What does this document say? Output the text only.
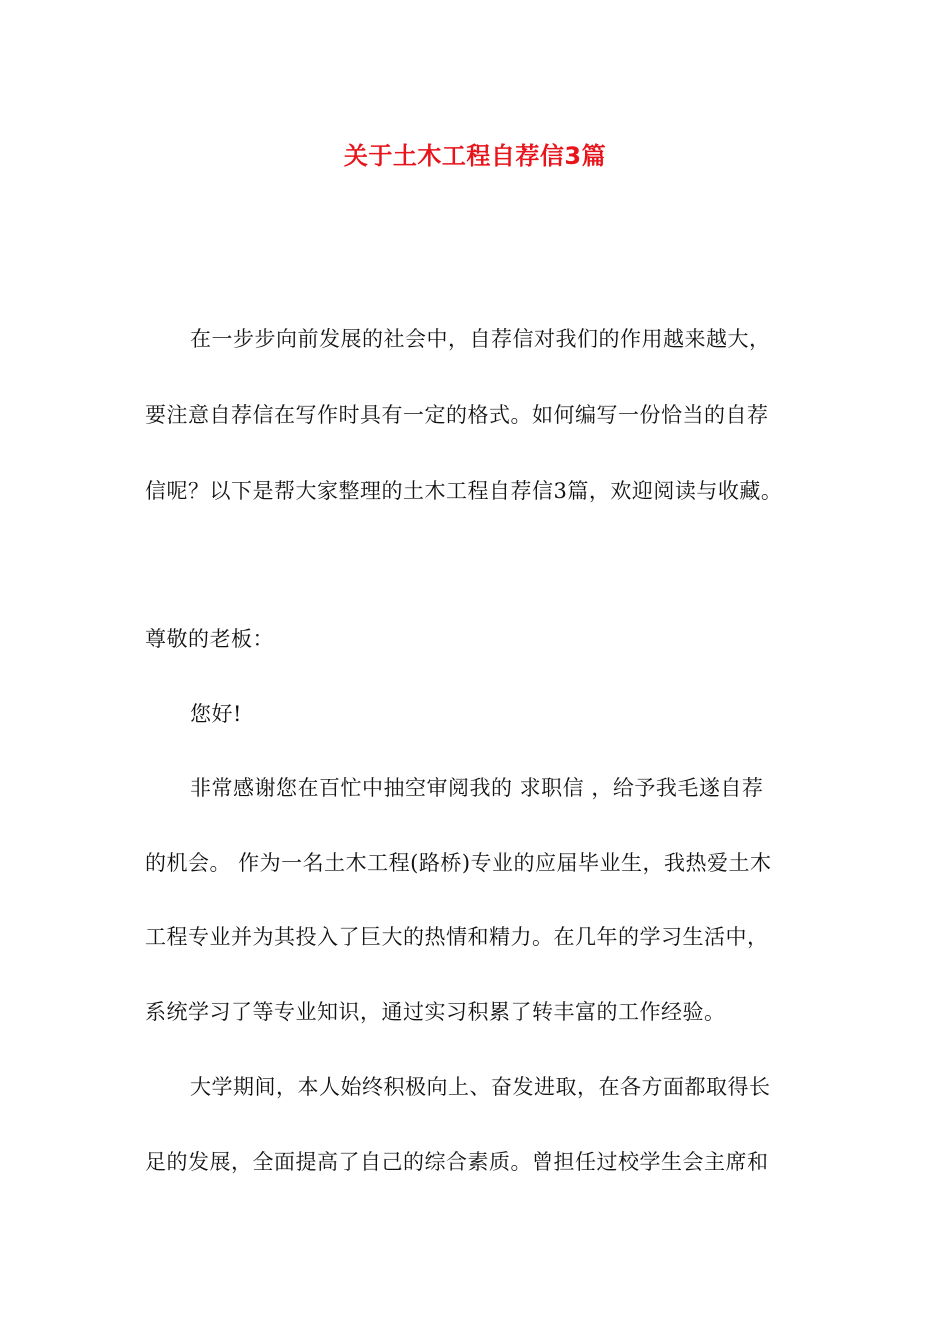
关于土木工程自荐信3篇
在一步步向前发展的社会中，自荐信对我们的作用越来越大，
要注意自荐信在写作时具有一定的格式。如何编写一份恰当的自荐
信呢？以下是帮大家整理的土木工程自荐信3篇，欢迎阅读与收藏。
尊敬的老板：
您好!
非常感谢您在百忙中抽空审阅我的 求职信 ，给予我毛遂自荐
的机会。 作为一名土木工程(路桥)专业的应届毕业生，我热爱土木
工程专业并为其投入了巨大的热情和精力。在几年的学习生活中，
系统学习了等专业知识，通过实习积累了转丰富的工作经验。
大学期间，本人始终积极向上、奋发进取，在各方面都取得长
足的发展，全面提高了自己的综合素质。曾担任过校学生会主席和
